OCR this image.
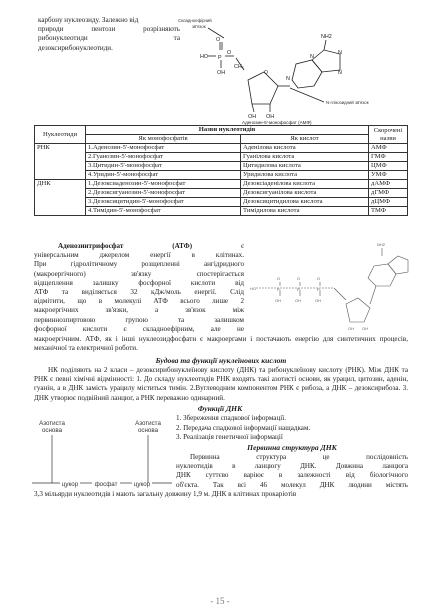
карбону нуклеозиду. Залежно від

природи пентози розрізняють

рибонуклеотиди та

дезоксирибонуклеотиди.

O
HO P
O
OH
CH₂
O
OH OH
N
N
N
N
NH2
Складноефірний
зв'язок
N-глікозидний зв'язок
Аденозин-5'-монофосфат (АМФ)
Нуклеотиди	Назви нуклеотидів		Скорочені назви
	Як монофосфатів	Як кислот	
РНК	1.Аденозин-5'-монофосфат	Аденілова кислота	АМФ
	2.Гуанозин-5'-монофосфат	Гуанілова кислота	ГМФ
	3.Цитидин-5'-монофосфат	Цитидилова кислота	ЦМФ
	4.Уридин-5'-монофосфат	Уридилова кислота	УМФ
ДНК	1.Дезоксиаденозин-5'-монофосфат	Дезоксіаденілова кислота	дАМФ
	2.Дезоксигуанозин-5'-монофосфат	Дезоксигуанілова кислота	дГМФ
	3.Дезоксицитидин-5'-монофосфат	Дезоксицитидилова кислота	дЦМФ
	4.Тимідин-5'-монофосфат	Тимідилова кислота	ТМФ

Аденозинтрифосфат (АТФ)	є

універсальним джерелом енергії в клітинах.

При гідролітичному розщепленні ангідридного

(макроергічного) зв'язку спостерігається

відщеплення залишку фосфорної кислоти від

АТФ та виділяється 32 кДж/моль енергії. Слід

відмітити, що в молекулі АТФ всього лише 2

макроергічних зв'язки, а зв'язок між

первиннозпиртовою групою та залишком

фосфорної кислоти є складноефірним, але не

макроергічним. АТФ, як і інші нуклеозидфосфати є макроергами і постачають енергію для синтетичних процесів, механічної та електричної роботи.

HO
O	O	O
P	P	P
OH	OH	OH
OH OH
NH2

Будова та функції нуклеїнових кислот

НК поділяють на 2 класи – дезоксирибонуклеїнову кислоту (ДНК) та рибонуклеїнову кислоту (РНК). Між ДНК та РНК є певні хімічні відмінності: 1. До складу нуклеотидів РНК входять такі азотисті основи, як урацил, цитозин, аденін, гуанін, а в ДНК замість урацилу міститься тимін. 2.Вуглеводним компонентом РНК є рибоза, а ДНК – дезоксирибоза. 3. ДНК утворює подвійний ланцюг, а РНК переважно одинарний.

Функції ДНК

1. Збереження спадкової інформації.
2. Передача спадкової інформації нащадкам.
3. Реалізація генетичної інформації

Первинна структура ДНК

Первинна структура це послідовність

нуклеотидів в ланцюгу ДНК. Довжина ланцюга

ДНК суттєво варіює в залежності від біологічного

об'єкта. Так всі 46 молекул ДНК людини містять

3,3 мільярди нуклеотидів і мають загальну довжину 1,9 м. ДНК в клітинах прокаріотів

Азотиста
основа
Азотиста
основа
цукор	фосфат	цукор

- 15 -
